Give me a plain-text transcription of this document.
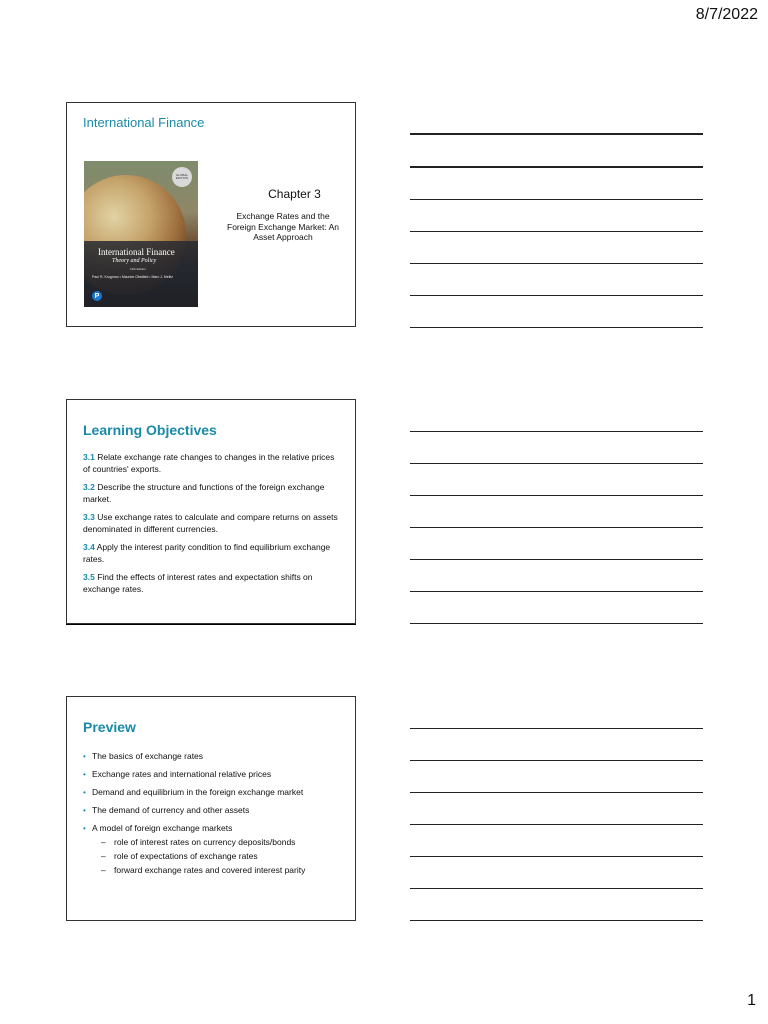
8/7/2022
International Finance
GLOBAL EDITION
International Finance
Theory and Policy
12th Edition
Paul R. Krugman • Maurice Obstfeld • Marc J. Melitz
P
Chapter 3
Exchange Rates and the Foreign Exchange Market: An Asset Approach
Learning Objectives
3.1 Relate exchange rate changes to changes in the relative prices of countries' exports.
3.2 Describe the structure and functions of the foreign exchange market.
3.3 Use exchange rates to calculate and compare returns on assets denominated in different currencies.
3.4 Apply the interest parity condition to find equilibrium exchange rates.
3.5 Find the effects of interest rates and expectation shifts on exchange rates.
Preview
• The basics of exchange rates
• Exchange rates and international relative prices
• Demand and equilibrium in the foreign exchange market
• The demand of currency and other assets
• A model of foreign exchange markets
– role of interest rates on currency deposits/bonds
– role of expectations of exchange rates
– forward exchange rates and covered interest parity
1
